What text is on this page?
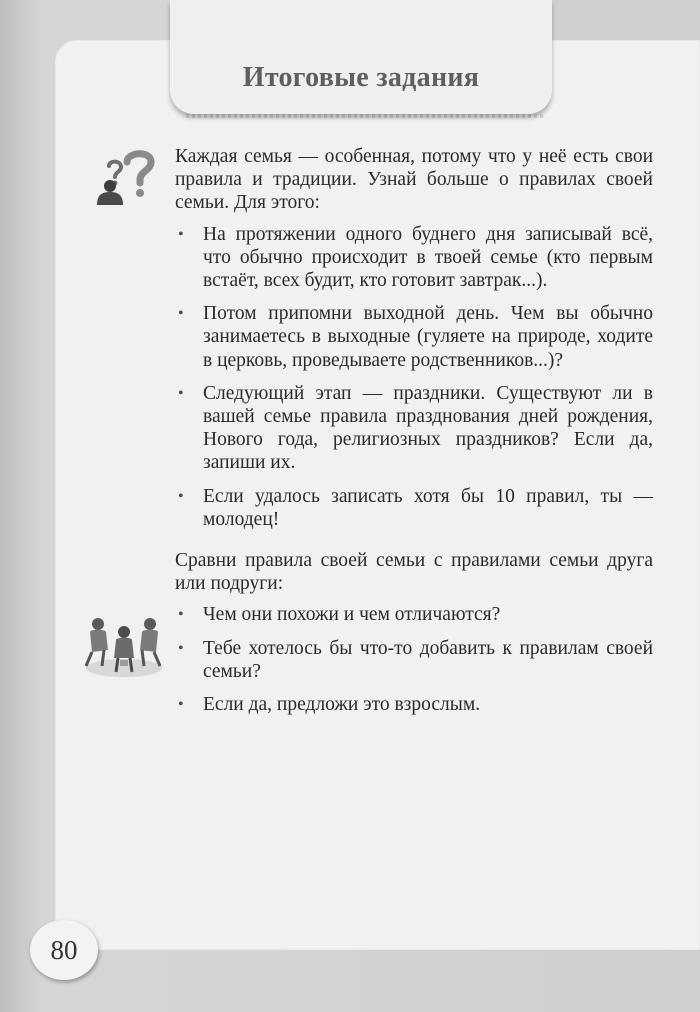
Итоговые задания

Каждая семья — особенная, потому что у неё есть свои правила и традиции. Узнай больше о правилах своей семьи. Для этого:

• На протяжении одного буднего дня записывай всё, что обычно происходит в твоей семье (кто первым встаёт, всех будит, кто готовит завтрак...).
• Потом припомни выходной день. Чем вы обычно занимаетесь в выходные (гуляете на природе, ходите в церковь, проведываете родственников...)?
• Следующий этап — праздники. Существуют ли в вашей семье правила празднования дней рождения, Нового года, религиозных праздников? Если да, запиши их.
• Если удалось записать хотя бы 10 правил, ты — молодец!

Сравни правила своей семьи с правилами семьи друга или подруги:

• Чем они похожи и чем отличаются?
• Тебе хотелось бы что-то добавить к правилам своей семьи?
• Если да, предложи это взрослым.
80
